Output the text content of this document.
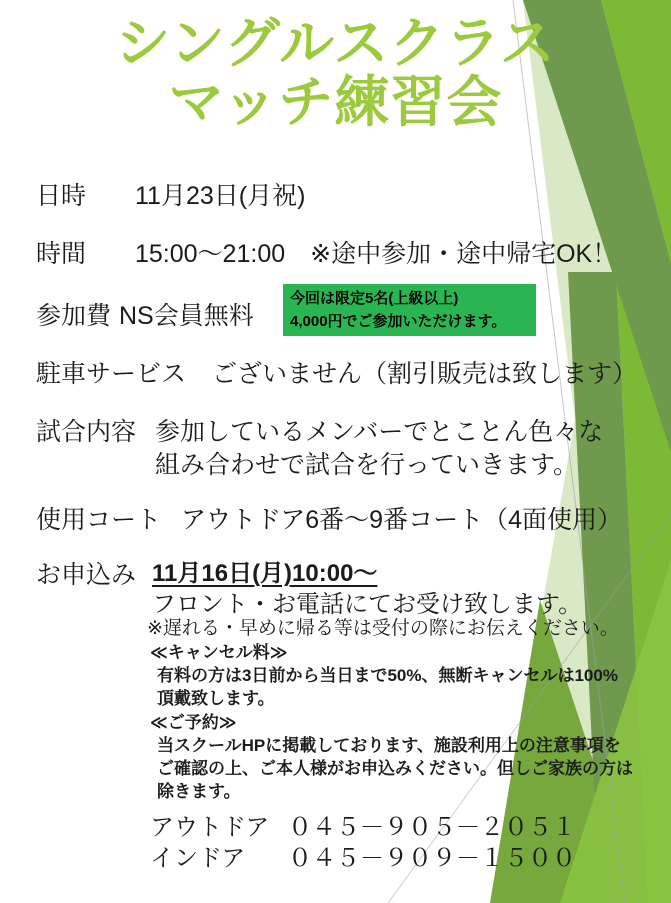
シングルスクラス
マッチ練習会
日時	11月23日(月祝)
時間	15:00～21:00　※途中参加・途中帰宅OK！
参加費 NS会員無料
今回は限定5名(上級以上)
4,000円でご参加いただけます。
駐車サービス ございません（割引販売は致します）
試合内容 参加しているメンバーでとことん色々な
組み合わせで試合を行っていきます。
使用コート アウトドア6番～9番コート（4面使用）
お申込み 11月16日(月)10:00～
フロント・お電話にてお受け致します。
※遅れる・早めに帰る等は受付の際にお伝えください。
≪キャンセル料≫
有料の方は3日前から当日まで50%、無断キャンセルは100%
頂戴致します。
≪ご予約≫
当スクールHPに掲載しております、施設利用上の注意事項を
ご確認の上、ご本人様がお申込みください。但しご家族の方は
除きます。
アウトドア ０４５－９０５－２０５１
インドア	０４５－９０９－１５００
